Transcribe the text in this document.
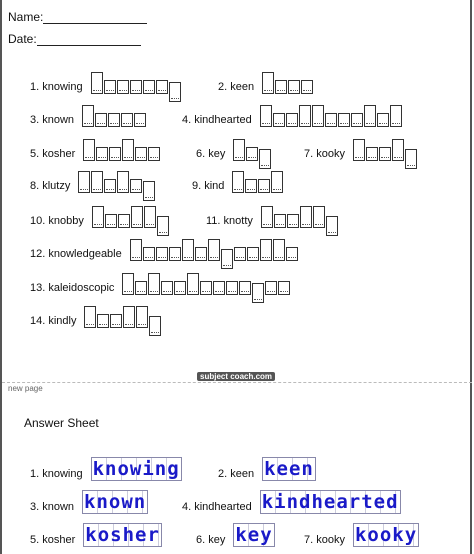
Name:
Date:
1. knowing	2. keen
3. known	4. kindhearted
5. kosher	6. key	7. kooky
8. klutzy	9. kind
10. knobby	11. knotty
12. knowledgeable
13. kaleidoscopic
14. kindly
subject coach.com
new page
Answer Sheet
1. knowing knowing	2. keen keen
3. known known	4. kindhearted kindhearted
5. kosher kosher	6. key key	7. kooky kooky
